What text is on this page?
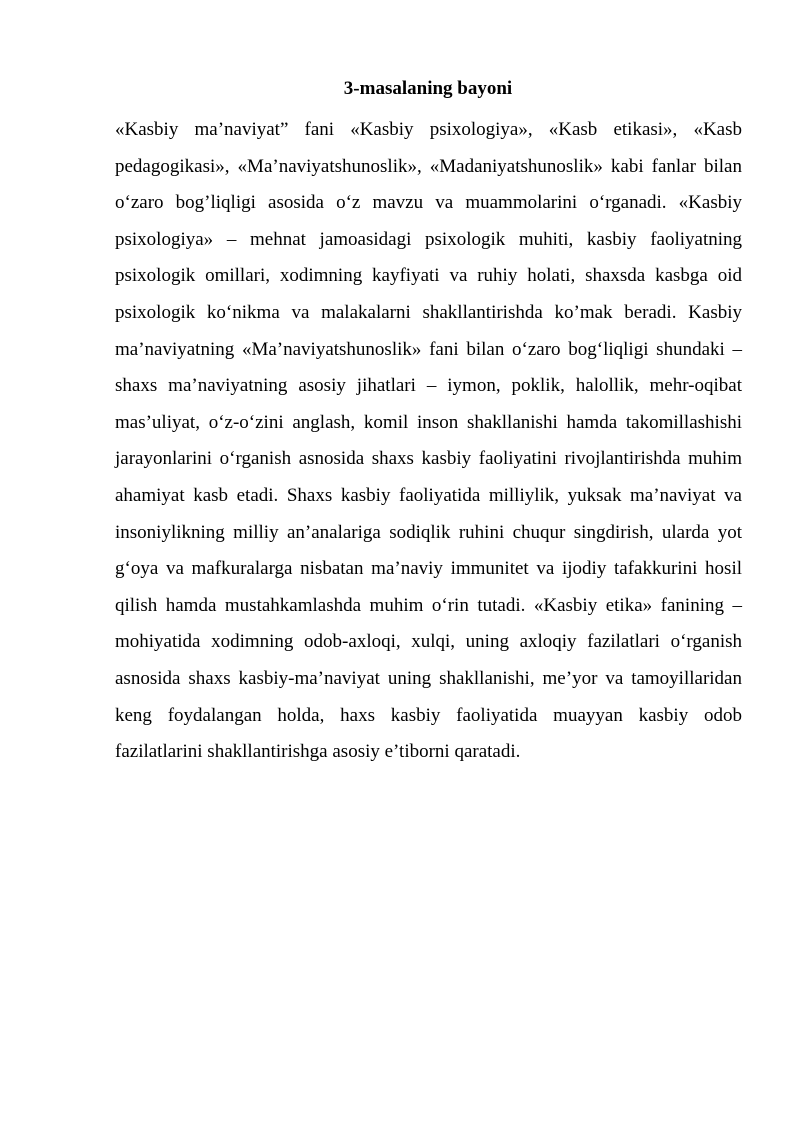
3-masalaning bayoni

«Kasbiy ma’naviyat” fani «Kasbiy psixologiya», «Kasb etikasi», «Kasb pedagogikasi», «Ma’naviyatshunoslik», «Madaniyatshunoslik» kabi fanlar bilan o‘zaro bog’liqligi asosida o‘z mavzu va muammolarini o‘rganadi. «Kasbiy psixologiya» – mehnat jamoasidagi psixologik muhiti, kasbiy faoliyatning psixologik omillari, xodimning kayfiyati va ruhiy holati, shaxsda kasbga oid psixologik ko‘nikma va malakalarni shakllantirishda ko’mak beradi. Kasbiy ma’naviyatning «Ma’naviyatshunoslik» fani bilan o‘zaro bog‘liqligi shundaki – shaxs ma’naviyatning asosiy jihatlari – iymon, poklik, halollik, mehr-oqibat mas’uliyat, o‘z-o‘zini anglash, komil inson shakllanishi hamda takomillashishi jarayonlarini o‘rganish asnosida shaxs kasbiy faoliyatini rivojlantirishda muhim ahamiyat kasb etadi. Shaxs kasbiy faoliyatida milliylik, yuksak ma’naviyat va insoniylikning milliy an’analariga sodiqlik ruhini chuqur singdirish, ularda yot g‘oya va mafkuralarga nisbatan ma’naviy immunitet va ijodiy tafakkurini hosil qilish hamda mustahkamlashda muhim o‘rin tutadi. «Kasbiy etika» fanining – mohiyatida xodimning odob-axloqi, xulqi, uning axloqiy fazilatlari o‘rganish asnosida shaxs kasbiy-ma’naviyat uning shakllanishi, me’yor va tamoyillaridan keng foydalangan holda, haxs kasbiy faoliyatida muayyan kasbiy odob fazilatlarini shakllantirishga asosiy e’tiborni qaratadi.
